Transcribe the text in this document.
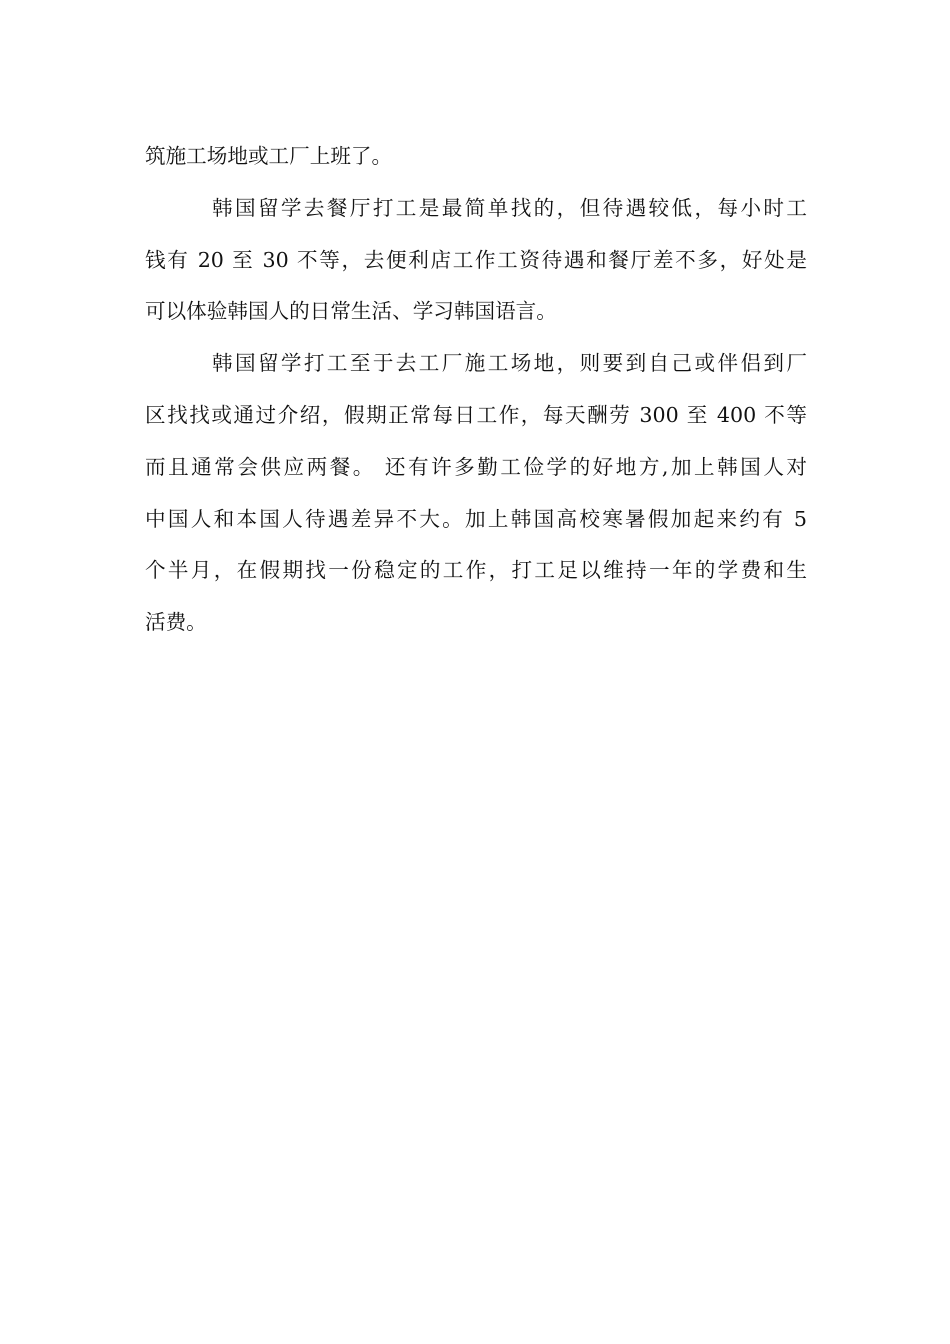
筑施工场地或工厂上班了。
韩国留学去餐厅打工是最简单找的，但待遇较低，每小时工
钱有 20 至 30 不等，去便利店工作工资待遇和餐厅差不多，好处是
可以体验韩国人的日常生活、学习韩国语言。
韩国留学打工至于去工厂施工场地，则要到自己或伴侣到厂
区找找或通过介绍，假期正常每日工作，每天酬劳 300 至 400 不等
而且通常会供应两餐。 还有许多勤工俭学的好地方,加上韩国人对
中国人和本国人待遇差异不大。加上韩国高校寒暑假加起来约有 5
个半月，在假期找一份稳定的工作，打工足以维持一年的学费和生
活费。
